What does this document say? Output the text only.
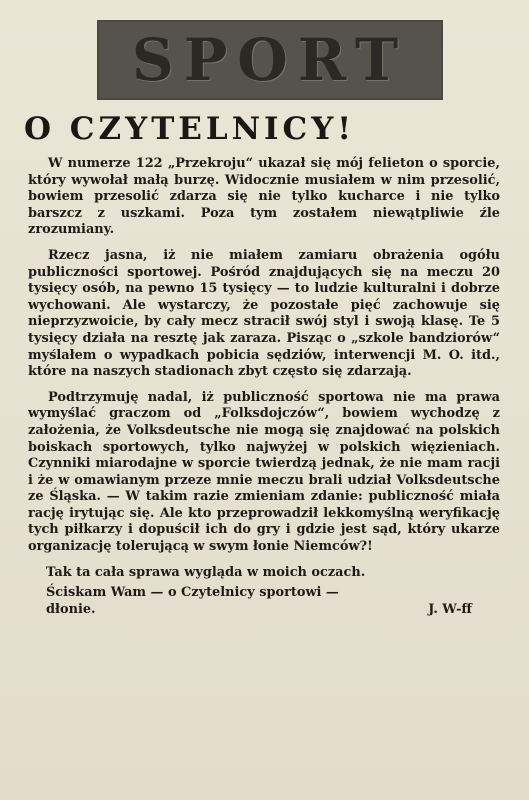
SPORT
O CZYTELNICY!

W numerze 122 „Przekroju“ ukazał się mój felieton o sporcie, który wywołał małą burzę. Widocznie musiałem w nim przesolić, bowiem przesolić zdarza się nie tylko kucharce i nie tylko barszcz z uszkami. Poza tym zostałem niewątpliwie źle zrozumiany.

Rzecz jasna, iż nie miałem zamiaru obrażenia ogółu publiczności sportowej. Pośród znajdujących się na meczu 20 tysięcy osób, na pewno 15 tysięcy — to ludzie kulturalni i dobrze wychowani. Ale wystarczy, że pozostałe pięć zachowuje się nieprzyzwoicie, by cały mecz stracił swój styl i swoją klasę. Te 5 tysięcy działa na resztę jak zaraza. Pisząc o „szkole bandziorów“ myślałem o wypadkach pobicia sędziów, interwencji M. O. itd., które na naszych stadionach zbyt często się zdarzają.

Podtrzymuję nadal, iż publiczność sportowa nie ma prawa wymyślać graczom od „Folksdojczów“, bowiem wychodzę z założenia, że Volksdeutsche nie mogą się znajdować na polskich boiskach sportowych, tylko najwyżej w polskich więzieniach. Czynniki miarodajne w sporcie twierdzą jednak, że nie mam racji i że w omawianym przeze mnie meczu brali udział Volksdeutsche ze Śląska. — W takim razie zmieniam zdanie: publiczność miała rację irytując się. Ale kto przeprowadził lekkomyślną weryfikację tych piłkarzy i dopuścił ich do gry i gdzie jest sąd, który ukarze organizację tolerującą w swym łonie Niemców?!

Tak ta cała sprawa wygląda w moich oczach.

Ściskam Wam — o Czytelnicy sportowi —
dłonie.	J. W-ff
